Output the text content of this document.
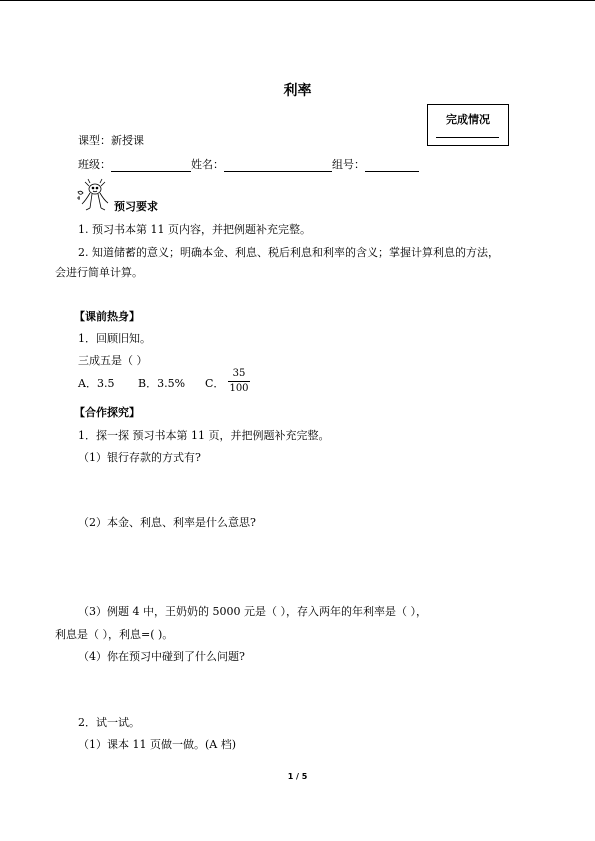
利率
完成情况
课型：新授课
班级：	姓名：	组号：
预习要求
1. 预习书本第 11 页内容，并把例题补充完整。
2. 知道储蓄的意义；明确本金、利息、税后利息和利率的含义；掌握计算利息的方法，
会进行简单计算。
【课前热身】
1．回顾旧知。
三成五是（ ）
A．3.5 B．3.5% C．
35
100
【合作探究】
1．探一探 预习书本第 11 页，并把例题补充完整。
（1）银行存款的方式有?
（2）本金、利息、利率是什么意思?
（3）例题 4 中，王奶奶的 5000 元是（ ），存入两年的年利率是（ ），
利息是（ ），利息=( )。
（4）你在预习中碰到了什么问题?
2．试一试。
（1）课本 11 页做一做。(A 档)
1 / 5
